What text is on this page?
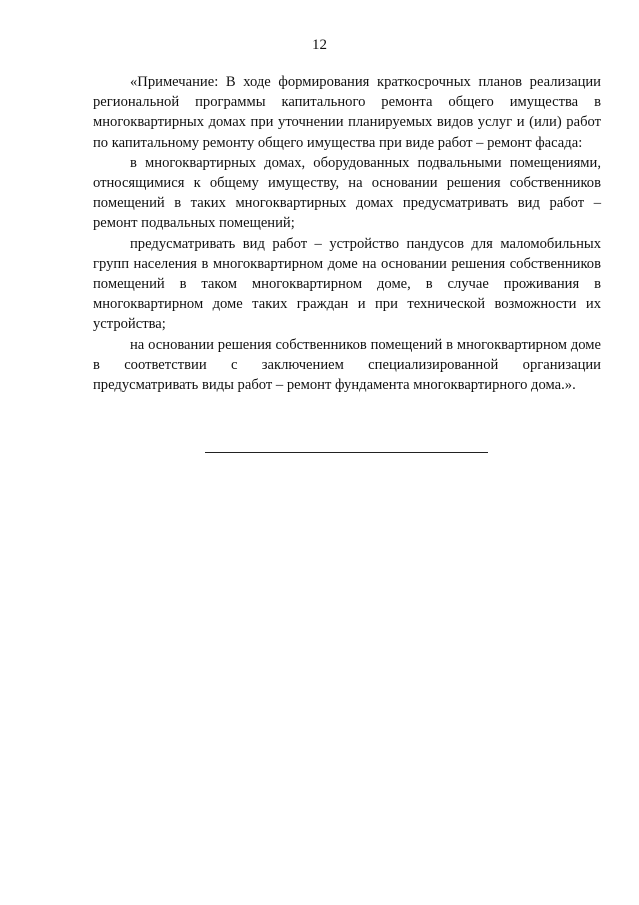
12

«Примечание: В ходе формирования краткосрочных планов реализации региональной программы капитального ремонта общего имущества в многоквартирных домах при уточнении планируемых видов услуг и (или) работ по капитальному ремонту общего имущества при виде работ – ремонт фасада:

в многоквартирных домах, оборудованных подвальными помещениями, относящимися к общему имуществу, на основании решения собственников помещений в таких многоквартирных домах предусматривать вид работ – ремонт подвальных помещений;

предусматривать вид работ – устройство пандусов для маломобильных групп населения в многоквартирном доме на основании решения собственников помещений в таком многоквартирном доме, в случае проживания в многоквартирном доме таких граждан и при технической возможности их устройства;

на основании решения собственников помещений в многоквартирном доме в соответствии с заключением специализированной организации предусматривать виды работ – ремонт фундамента многоквартирного дома.».
